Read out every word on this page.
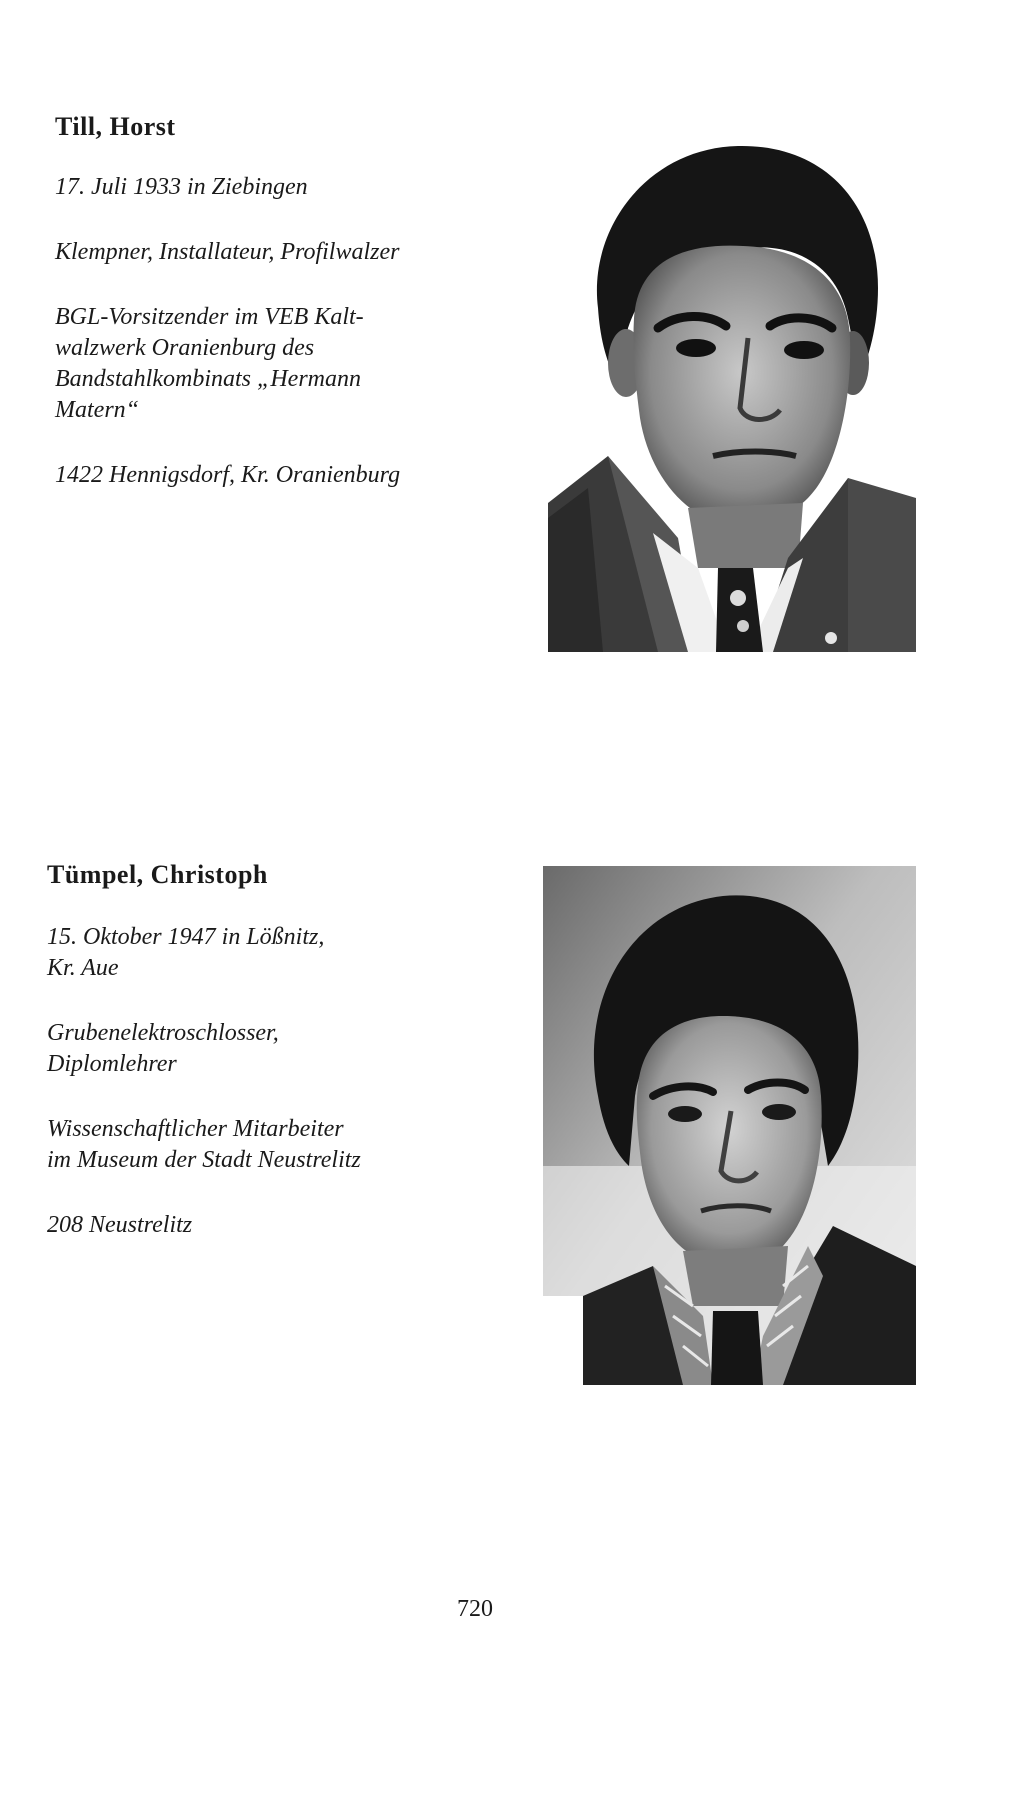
Till, Horst

17. Juli 1933 in Ziebingen

Klempner, Installateur, Profilwalzer

BGL-Vorsitzender im VEB Kalt-

walzwerk Oranienburg des

Bandstahlkombinats „Hermann

Matern“

1422 Hennigsdorf, Kr. Oranienburg

Tümpel, Christoph

15. Oktober 1947 in Lößnitz,

Kr. Aue

Grubenelektroschlosser,

Diplomlehrer

Wissenschaftlicher Mitarbeiter

im Museum der Stadt Neustrelitz

208 Neustrelitz

720
